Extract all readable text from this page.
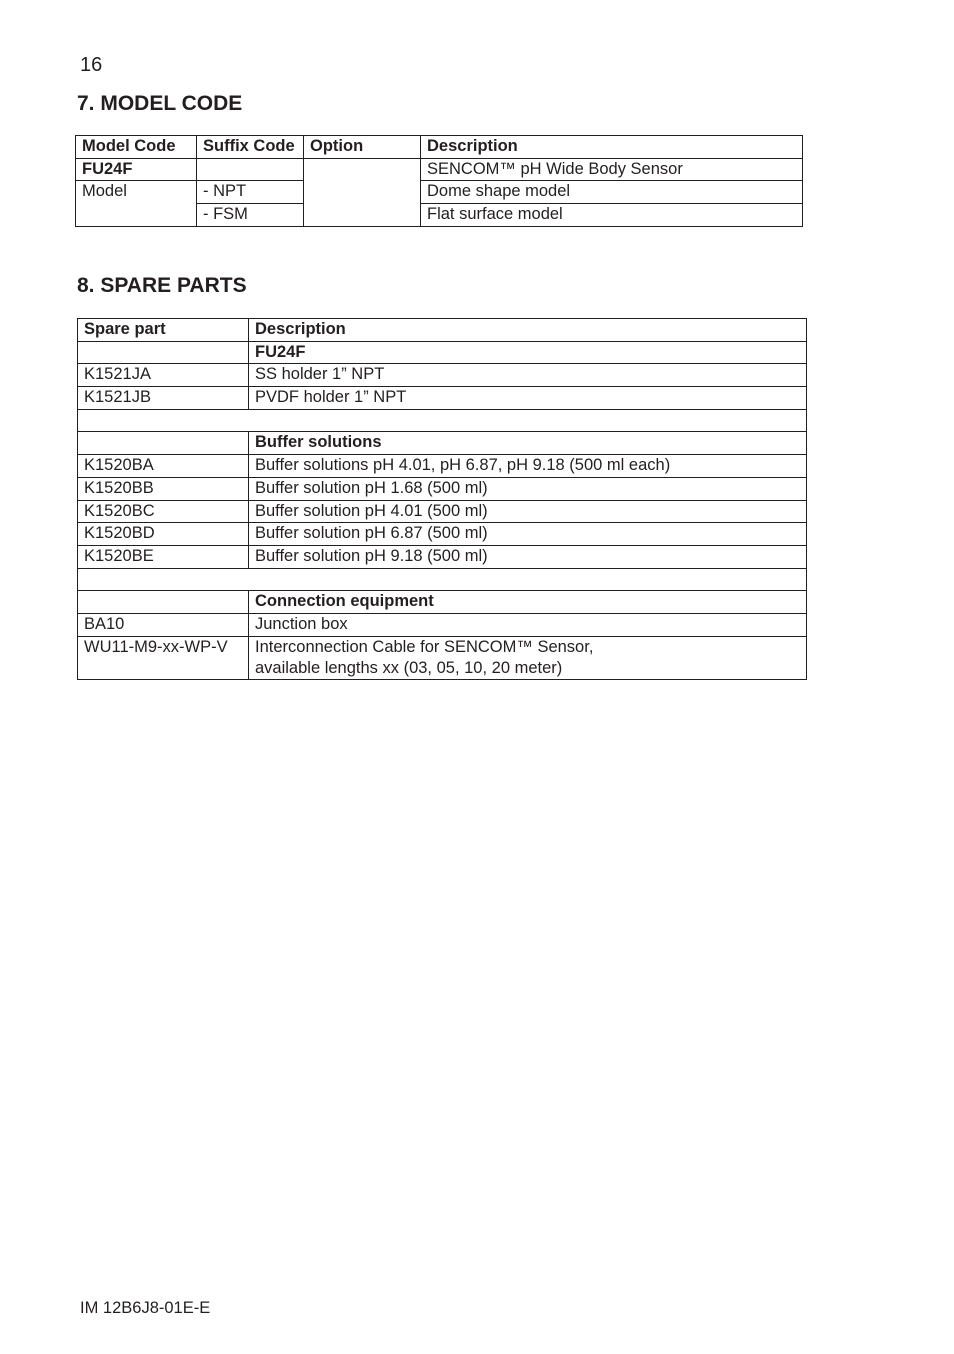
16
7. MODEL CODE
Model Code	Suffix Code	Option	Description
FU24F			SENCOM™ pH Wide Body Sensor
Model	- NPT		Dome shape model
	- FSM		Flat surface model
8. SPARE PARTS
Spare part	Description
	FU24F
K1521JA	SS holder 1” NPT
K1521JB	PVDF holder 1” NPT

	Buffer solutions
K1520BA	Buffer solutions pH 4.01, pH 6.87, pH 9.18 (500 ml each)
K1520BB	Buffer solution pH 1.68 (500 ml)
K1520BC	Buffer solution pH 4.01 (500 ml)
K1520BD	Buffer solution pH 6.87 (500 ml)
K1520BE	Buffer solution pH 9.18 (500 ml)

	Connection equipment
BA10	Junction box
WU11-M9-xx-WP-V	Interconnection Cable for SENCOM™ Sensor,
available lengths xx (03, 05, 10, 20 meter)
IM 12B6J8-01E-E
